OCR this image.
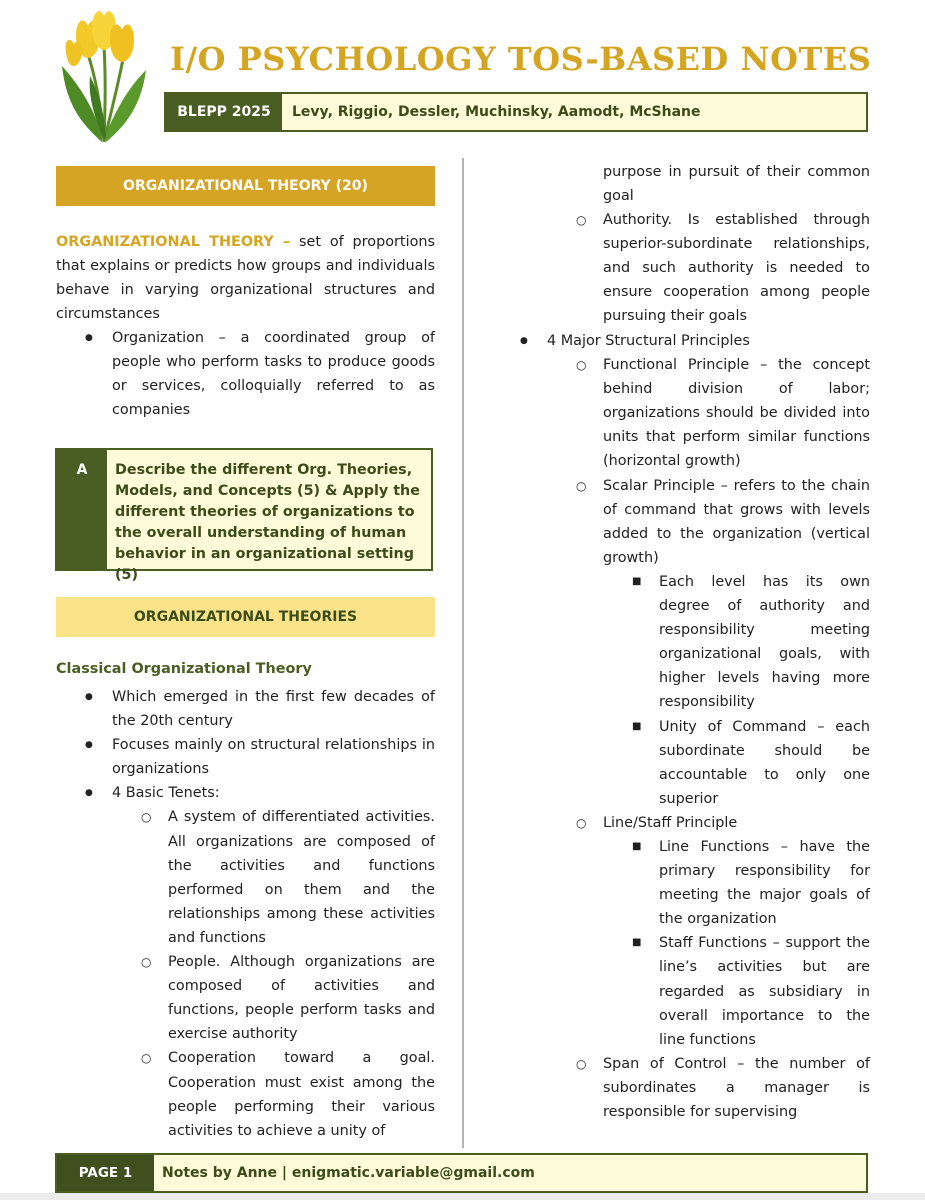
I/O PSYCHOLOGY TOS-BASED NOTES
BLEPP 2025	Levy, Riggio, Dessler, Muchinsky, Aamodt, McShane
ORGANIZATIONAL THEORY (20)
ORGANIZATIONAL THEORY – set of proportions that explains or predicts how groups and individuals behave in varying organizational structures and circumstances
● Organization – a coordinated group of people who perform tasks to produce goods or services, colloquially referred to as companies
A	Describe the different Org. Theories, Models, and Concepts (5) & Apply the different theories of organizations to the overall understanding of human behavior in an organizational setting (5)
ORGANIZATIONAL THEORIES
Classical Organizational Theory
● Which emerged in the first few decades of the 20th century
● Focuses mainly on structural relationships in organizations
● 4 Basic Tenets:
○ A system of differentiated activities. All organizations are composed of the activities and functions performed on them and the relationships among these activities and functions
○ People. Although organizations are composed of activities and functions, people perform tasks and exercise authority
○ Cooperation toward a goal. Cooperation must exist among the people performing their various activities to achieve a unity of
purpose in pursuit of their common goal
○ Authority. Is established through superior-subordinate relationships, and such authority is needed to ensure cooperation among people pursuing their goals
● 4 Major Structural Principles
○ Functional Principle – the concept behind division of labor; organizations should be divided into units that perform similar functions (horizontal growth)
○ Scalar Principle – refers to the chain of command that grows with levels added to the organization (vertical growth)
■ Each level has its own degree of authority and responsibility meeting organizational goals, with higher levels having more responsibility
■ Unity of Command – each subordinate should be accountable to only one superior
○ Line/Staff Principle
■ Line Functions – have the primary responsibility for meeting the major goals of the organization
■ Staff Functions – support the line’s activities but are regarded as subsidiary in overall importance to the line functions
○ Span of Control – the number of subordinates a manager is responsible for supervising
PAGE 1	Notes by Anne | enigmatic.variable@gmail.com
